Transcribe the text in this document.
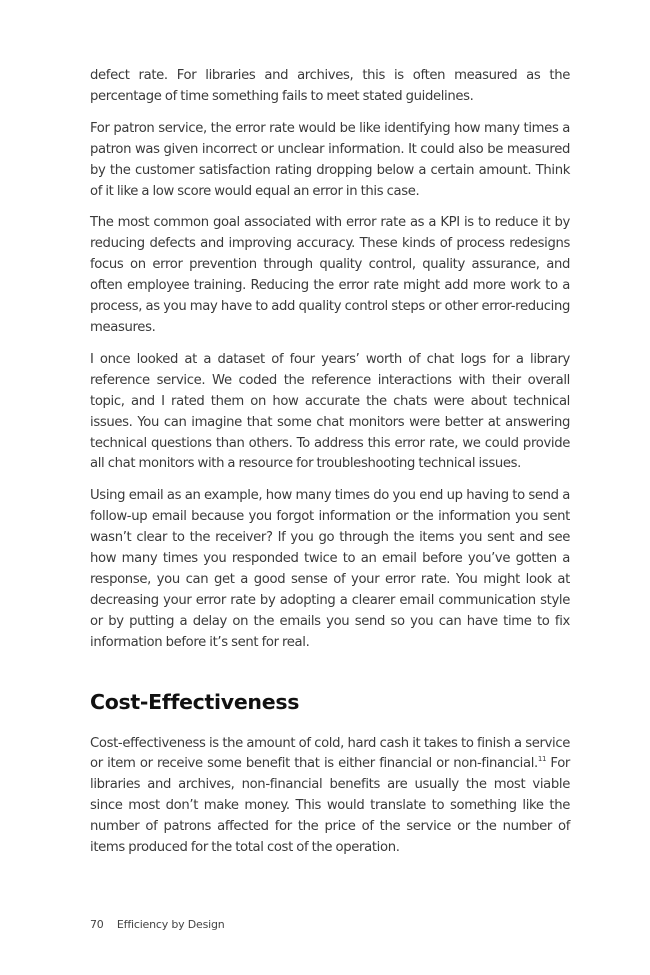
defect rate. For libraries and archives, this is often measured as the percentage of time something fails to meet stated guidelines.

For patron service, the error rate would be like identifying how many times a patron was given incorrect or unclear information. It could also be measured by the customer satisfaction rating dropping below a certain amount. Think of it like a low score would equal an error in this case.

The most common goal associated with error rate as a KPI is to reduce it by reducing defects and improving accuracy. These kinds of process redesigns focus on error prevention through quality control, quality assurance, and often employee training. Reducing the error rate might add more work to a process, as you may have to add quality control steps or other error-reducing measures.

I once looked at a dataset of four years’ worth of chat logs for a library reference service. We coded the reference interactions with their overall topic, and I rated them on how accurate the chats were about technical issues. You can imagine that some chat monitors were better at answering technical questions than others. To address this error rate, we could provide all chat monitors with a resource for troubleshooting technical issues.

Using email as an example, how many times do you end up having to send a follow-up email because you forgot information or the information you sent wasn’t clear to the receiver? If you go through the items you sent and see how many times you responded twice to an email before you’ve gotten a response, you can get a good sense of your error rate. You might look at decreasing your error rate by adopting a clearer email communication style or by putting a delay on the emails you send so you can have time to fix information before it’s sent for real.

Cost-Effectiveness

Cost-effectiveness is the amount of cold, hard cash it takes to finish a service or item or receive some benefit that is either financial or non-financial.$^{11}$ For libraries and archives, non-financial benefits are usually the most viable since most don’t make money. This would translate to something like the number of patrons affected for the price of the service or the number of items produced for the total cost of the operation.

70 Efficiency by Design
